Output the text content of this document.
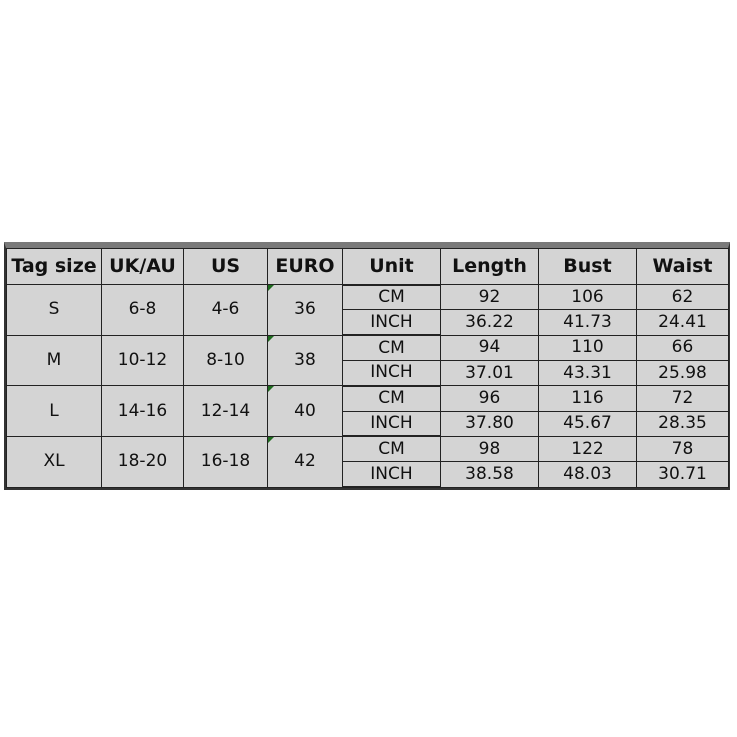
Tag size	UK/AU	US	EURO	Unit	Length	Bust	Waist
S	6-8	4-6	36	CM	92	106	62
				INCH	36.22	41.73	24.41
M	10-12	8-10	38	CM	94	110	66
				INCH	37.01	43.31	25.98
L	14-16	12-14	40	CM	96	116	72
				INCH	37.80	45.67	28.35
XL	18-20	16-18	42	CM	98	122	78
				INCH	38.58	48.03	30.71
